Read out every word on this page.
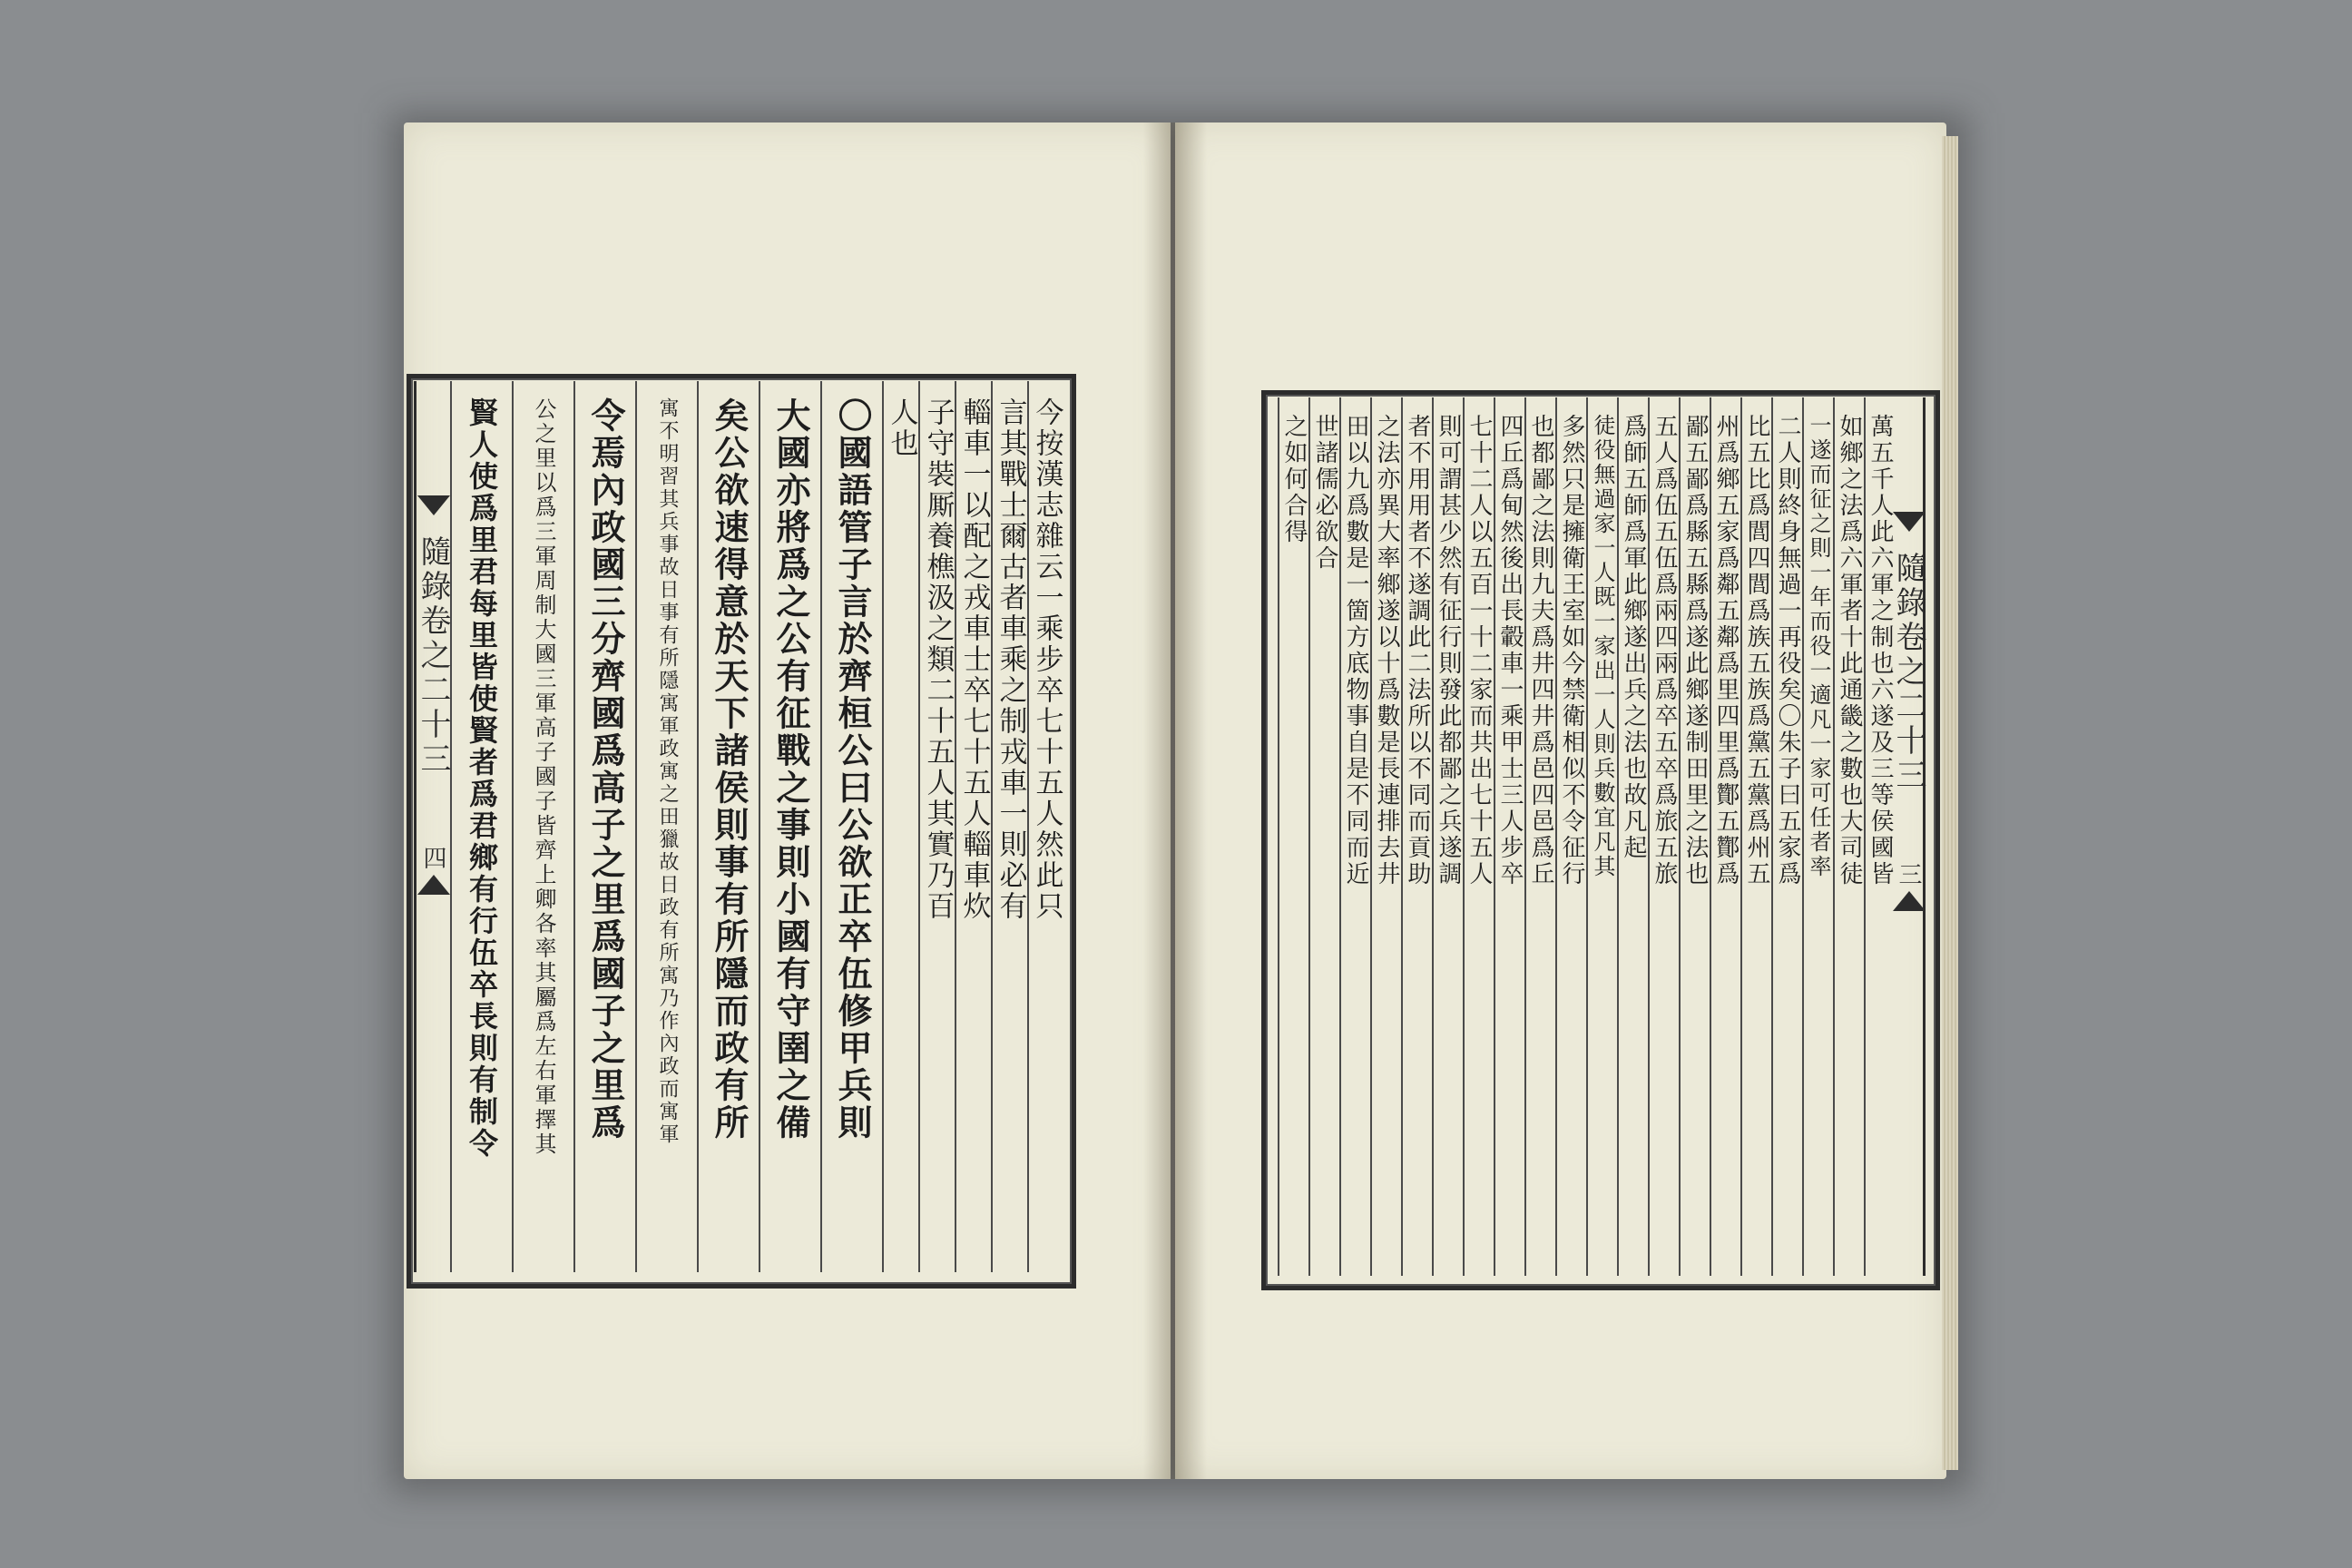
今按漢志雜云一乘步卒七十五人然此只
言其戰士爾古者車乘之制戎車一則必有
輜車一以配之戎車士卒七十五人輜車炊
子守裝厮養樵汲之類二十五人其實乃百
人也
〇國語管子言於齊桓公曰公欲正卒伍修甲兵則
大國亦將爲之公有征戰之事則小國有守圉之備
矣公欲速得意於天下諸侯則事有所隱而政有所
寓不明習其兵事故日事有所隱寓軍政寓之田獵故日政有所寓乃作內政而寓軍
令焉內政國三分齊國爲高子之里爲國子之里爲
公之里以爲三軍周制大國三軍高子國子皆齊上卿各率其屬爲左右軍擇其
賢人使爲里君每里皆使賢者爲君鄉有行伍卒長則有制令
隨錄卷之二十三
四
隨錄卷之二十三
三
萬五千人此六軍之制也六遂及三等侯國皆
如鄉之法爲六軍者十此通畿之數也大司徒
一遂而征之則一年而役一適凡一家可任者率
二人則終身無過一再役矣〇朱子曰五家爲
比五比爲閭四閭爲族五族爲黨五黨爲州五
州爲鄉五家爲鄰五鄰爲里四里爲酇五酇爲
鄙五鄙爲縣五縣爲遂此鄉遂制田里之法也
五人爲伍五伍爲兩四兩爲卒五卒爲旅五旅
爲師五師爲軍此鄉遂出兵之法也故凡起
徒役無過家一人既一家出一人則兵數宜凡其
多然只是擁衛王室如今禁衛相似不令征行
也都鄙之法則九夫爲井四井爲邑四邑爲丘
四丘爲甸然後出長轂車一乘甲士三人步卒
七十二人以五百一十二家而共出七十五人
則可謂甚少然有征行則發此都鄙之兵遂調
者不用用者不遂調此二法所以不同而貢助
之法亦異大率鄉遂以十爲數是長連排去井
田以九爲數是一箇方底物事自是不同而近
世諸儒必欲合
之如何合得
